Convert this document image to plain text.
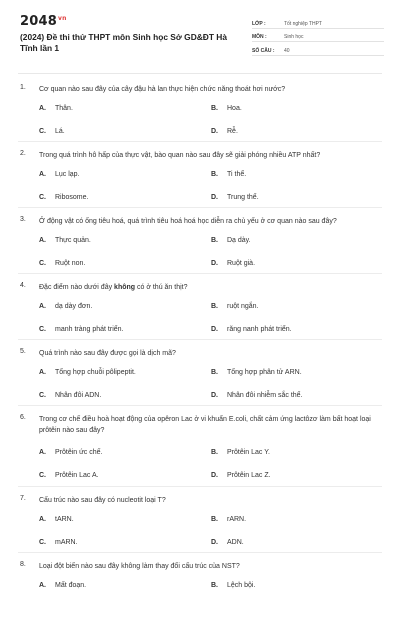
$2048^{vn}$
(2024) Đề thi thử THPT môn Sinh học Sở GD&ĐT Hà Tĩnh lần 1
LỚP :	Tốt nghiệp THPT
MÔN :	Sinh học
SỐ CÂU :	40
1. Cơ quan nào sau đây của cây đậu hà lan thực hiện chức năng thoát hơi nước?
A. Thân.	B. Hoa.
C. Lá.	D. Rễ.
2. Trong quá trình hô hấp của thực vật, bào quan nào sau đây sẽ giải phóng nhiều ATP nhất?
A. Lục lạp.	B. Ti thể.
C. Ribosome.	D. Trung thể.
3. Ở động vật có ống tiêu hoá, quá trình tiêu hoá hoá học diễn ra chủ yếu ở cơ quan nào sau đây?
A. Thực quản.	B. Dạ dày.
C. Ruột non.	D. Ruột già.
4. Đặc điểm nào dưới đây không có ở thú ăn thịt?
A. dạ dày đơn.	B. ruột ngắn.
C. manh tràng phát triển.	D. răng nanh phát triển.
5. Quá trình nào sau đây được gọi là dịch mã?
A. Tổng hợp chuỗi pôlipeptit.	B. Tổng hợp phân tử ARN.
C. Nhân đôi ADN.	D. Nhân đôi nhiễm sắc thể.
6. Trong cơ chế điều hoà hoạt động của opêron Lac ở vi khuẩn E.coli, chất cảm ứng lactôzơ làm bất hoạt loại prôtêin nào sau đây?
A. Prôtêin ức chế.	B. Prôtêin Lac Y.
C. Prôtêin Lac A.	D. Prôtêin Lac Z.
7. Cấu trúc nào sau đây có nucleotit loại T?
A. tARN.	B. rARN.
C. mARN.	D. ADN.
8. Loại đột biến nào sau đây không làm thay đổi cấu trúc của NST?
A. Mất đoạn.	B. Lệch bội.
